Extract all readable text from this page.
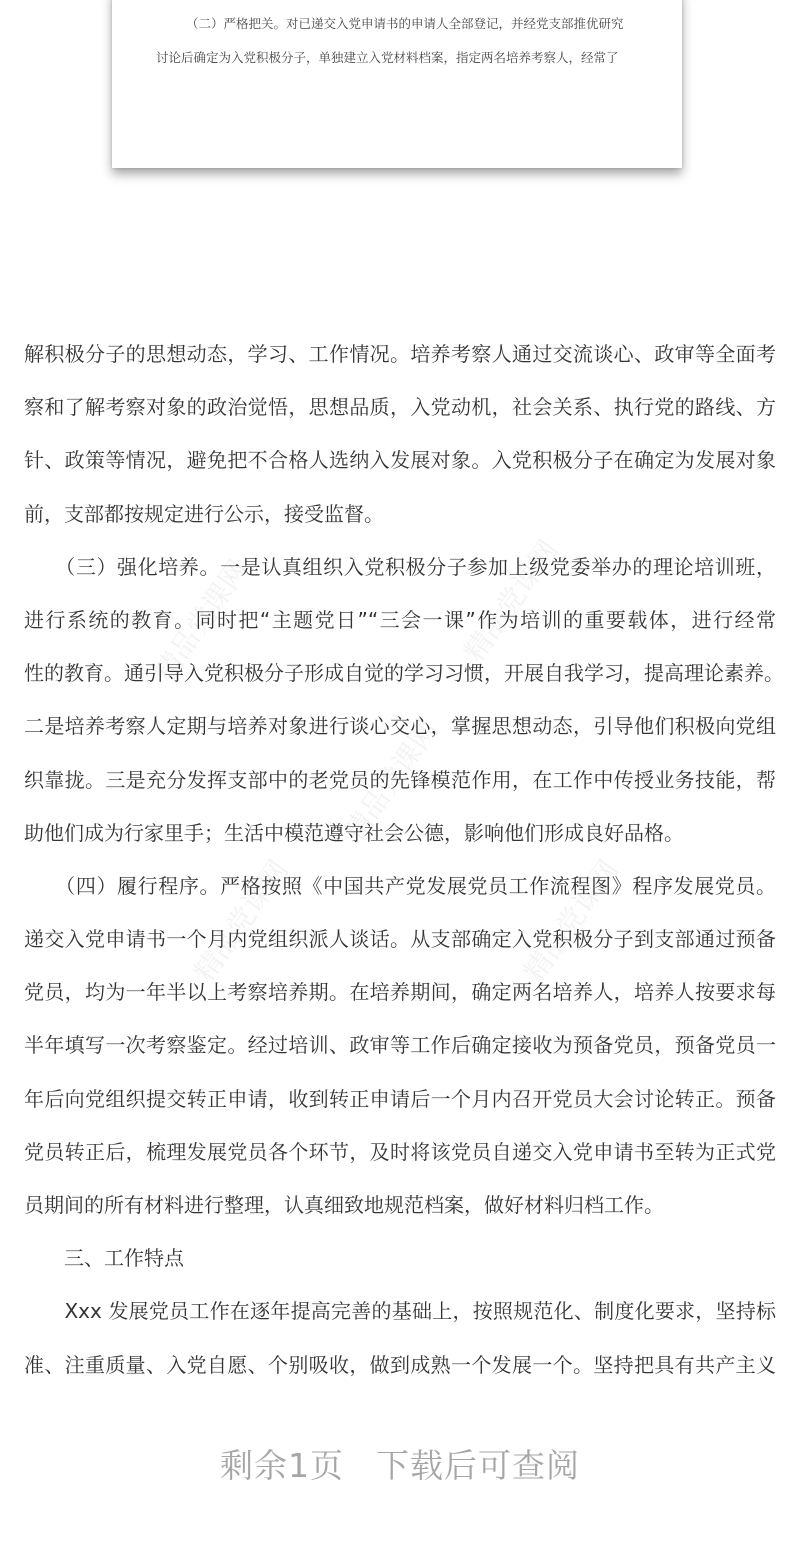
（二）严格把关。对已递交入党申请书的申请人全部登记，并经党支部推优研究
讨论后确定为入党积极分子，单独建立入党材料档案，指定两名培养考察人，经常了
精品党课网	精品党课网
精品党课网
精品党课网	精品党课网
解积极分子的思想动态，学习、工作情况。培养考察人通过交流谈心、政审等全面考
察和了解考察对象的政治觉悟，思想品质，入党动机，社会关系、执行党的路线、方
针、政策等情况，避免把不合格人选纳入发展对象。入党积极分子在确定为发展对象
前，支部都按规定进行公示，接受监督。
　　（三）强化培养。一是认真组织入党积极分子参加上级党委举办的理论培训班，
进行系统的教育。同时把“主题党日”“三会一课”作为培训的重要载体，进行经常
性的教育。通引导入党积极分子形成自觉的学习习惯，开展自我学习，提高理论素养。
二是培养考察人定期与培养对象进行谈心交心，掌握思想动态，引导他们积极向党组
织靠拢。三是充分发挥支部中的老党员的先锋模范作用，在工作中传授业务技能，帮
助他们成为行家里手；生活中模范遵守社会公德，影响他们形成良好品格。
　　（四）履行程序。严格按照《中国共产党发展党员工作流程图》程序发展党员。
递交入党申请书一个月内党组织派人谈话。从支部确定入党积极分子到支部通过预备
党员，均为一年半以上考察培养期。在培养期间，确定两名培养人，培养人按要求每
半年填写一次考察鉴定。经过培训、政审等工作后确定接收为预备党员，预备党员一
年后向党组织提交转正申请，收到转正申请后一个月内召开党员大会讨论转正。预备
党员转正后，梳理发展党员各个环节，及时将该党员自递交入党申请书至转为正式党
员期间的所有材料进行整理，认真细致地规范档案，做好材料归档工作。
　　三、工作特点
　　Xxx 发展党员工作在逐年提高完善的基础上，按照规范化、制度化要求，坚持标
准、注重质量、入党自愿、个别吸收，做到成熟一个发展一个。坚持把具有共产主义
剩余1页 下载后可查阅
